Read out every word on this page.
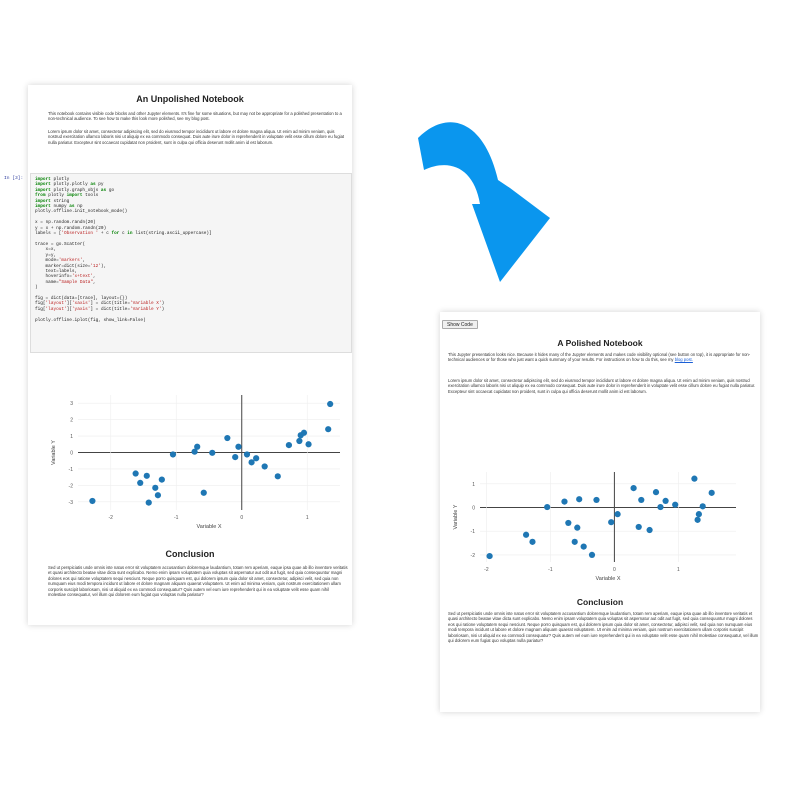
An Unpolished Notebook
This notebook contains visible code blocks and other Jupyter elements. It's fine for some situations, but may not be appropriate for a polished presentation to a non-technical audience. To see how to make this look more polished, see my blog post.
Lorem ipsum dolor sit amet, consectetur adipiscing elit, sed do eiusmod tempor incididunt ut labore et dolore magna aliqua. Ut enim ad minim veniam, quis nostrud exercitation ullamco laboris nisi ut aliquip ex ea commodo consequat. Duis aute irure dolor in reprehenderit in voluptate velit esse cillum dolore eu fugiat nulla pariatur. Excepteur sint occaecat cupidatat non proident, sunt in culpa qui officia deserunt mollit anim id est laborum.
In [3]:	import plotly
import plotly.plotly as py
import plotly.graph_objs as go
from plotly import tools
import string
import numpy as np
plotly.offline.init_notebook_mode()

x = np.random.randn(20)
y = x + np.random.randn(20)
labels = ['Observation ' + c for c in list(string.ascii_uppercase)]

trace = go.Scatter(
x=x,
y=y,
mode='markers',
marker=dict(size='12'),
text=labels,
hoverinfo='x+text',
name="Sample Data",
)

fig = dict(data=[trace], layout={})
fig['layout']['xaxis'] = dict(title='Variable X')
fig['layout']['yaxis'] = dict(title='Variable Y')

plotly.offline.iplot(fig, show_link=False)
3
2
1
0
-1
-2
-3
-2	-1	0	1
Variable X
Variable Y
Conclusion
Sed ut perspiciatis unde omnis iste natus error sit voluptatem accusantium doloremque laudantium, totam rem aperiam, eaque ipsa quae ab illo inventore veritatis et quasi architecto beatae vitae dicta sunt explicabo. Nemo enim ipsam voluptatem quia voluptas sit aspernatur aut odit aut fugit, sed quia consequuntur magni dolores eos qui ratione voluptatem sequi nesciunt. Neque porro quisquam est, qui dolorem ipsum quia dolor sit amet, consectetur, adipisci velit, sed quia non numquam eius modi tempora incidunt ut labore et dolore magnam aliquam quaerat voluptatem. Ut enim ad minima veniam, quis nostrum exercitationem ullam corporis suscipit laboriosam, nisi ut aliquid ex ea commodi consequatur? Quis autem vel eum iure reprehenderit qui in ea voluptate velit esse quam nihil molestiae consequatur, vel illum qui dolorem eum fugiat quo voluptas nulla pariatur?
Show Code
A Polished Notebook
This Jupyter presentation looks nice. Because it hides many of the Jupyter elements and makes code visibility optional (see button on top), it is appropriate for non-technical audiences or for those who just want a quick summary of your results. For instructions on how to do this, see my blog post.
Lorem ipsum dolor sit amet, consectetur adipiscing elit, sed do eiusmod tempor incididunt ut labore et dolore magna aliqua. Ut enim ad minim veniam, quis nostrud exercitation ullamco laboris nisi ut aliquip ex ea commodo consequat. Duis aute irure dolor in reprehenderit in voluptate velit esse cillum dolore eu fugiat nulla pariatur. Excepteur sint occaecat cupidatat non proident, sunt in culpa qui officia deserunt mollit anim id est laborum.
1
0
-1
-2
-2	-1	0	1
Variable X
Variable Y
Conclusion
Sed ut perspiciatis unde omnis iste natus error sit voluptatem accusantium doloremque laudantium, totam rem aperiam, eaque ipsa quae ab illo inventore veritatis et quasi architecto beatae vitae dicta sunt explicabo. Nemo enim ipsam voluptatem quia voluptas sit aspernatur aut odit aut fugit, sed quia consequuntur magni dolores eos qui ratione voluptatem sequi nesciunt. Neque porro quisquam est, qui dolorem ipsum quia dolor sit amet, consectetur, adipisci velit, sed quia non numquam eius modi tempora incidunt ut labore et dolore magnam aliquam quaerat voluptatem. Ut enim ad minima veniam, quis nostrum exercitationem ullam corporis suscipit laboriosam, nisi ut aliquid ex ea commodi consequatur? Quis autem vel eum iure reprehenderit qui in ea voluptate velit esse quam nihil molestiae consequatur, vel illum qui dolorem eum fugiat quo voluptas nulla pariatur?
